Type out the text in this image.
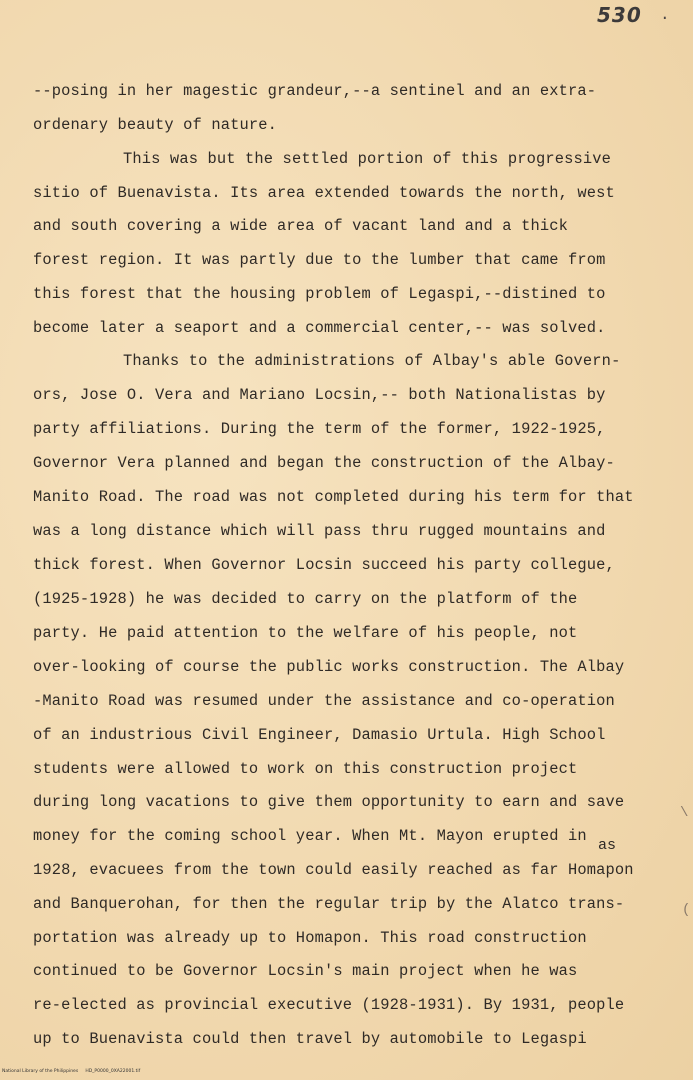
530 ·
--posing in her magestic grandeur,--a sentinel and an extra-
ordenary beauty of nature.
This was but the settled portion of this progressive
sitio of Buenavista. Its area extended towards the north, west
and south covering a wide area of vacant land and a thick
forest region. It was partly due to the lumber that came from
this forest that the housing problem of Legaspi,--distined to
become later a seaport and a commercial center,-- was solved.
Thanks to the administrations of Albay's able Govern-
ors, Jose O. Vera and Mariano Locsin,-- both Nationalistas by
party affiliations. During the term of the former, 1922-1925,
Governor Vera planned and began the construction of the Albay-
Manito Road. The road was not completed during his term for that
was a long distance which will pass thru rugged mountains and
thick forest. When Governor Locsin succeed his party collegue,
(1925-1928) he was decided to carry on the platform of the
party. He paid attention to the welfare of his people, not
over-looking of course the public works construction. The Albay
-Manito Road was resumed under the assistance and co-operation
of an industrious Civil Engineer, Damasio Urtula. High School
students were allowed to work on this construction project
during long vacations to give them opportunity to earn and save
money for the coming school year. When Mt. Mayon erupted in
as
1928, evacuees from the town could easily reached as far Homapon
and Banquerohan, for then the regular trip by the Alatco trans-
portation was already up to Homapon. This road construction
continued to be Governor Locsin's main project when he was
re-elected as provincial executive (1928-1931). By 1931, people
up to Buenavista could then travel by automobile to Legaspi
\
(
National Library of the Philippines     HD_P0000_0XA22001.tif
